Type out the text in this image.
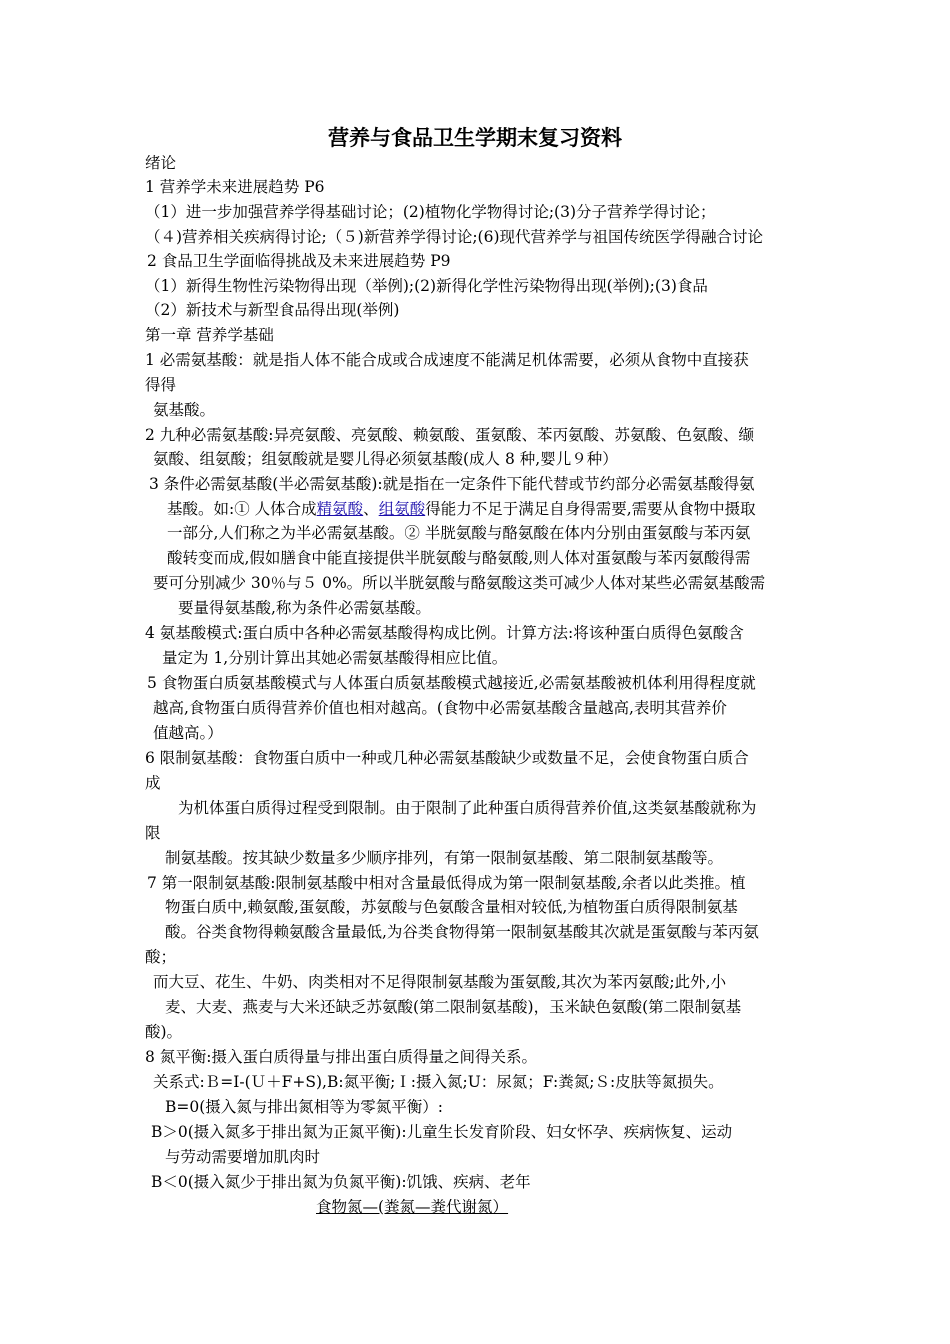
营养与食品卫生学期末复习资料
绪论
1 营养学未来进展趋势 P6
（1）进一步加强营养学得基础讨论；(2)植物化学物得讨论;(3)分子营养学得讨论；
（４)营养相关疾病得讨论;（５)新营养学得讨论;(6)现代营养学与祖国传统医学得融合讨论
2 食品卫生学面临得挑战及未来进展趋势 P9
（1）新得生物性污染物得出现（举例);(2)新得化学性污染物得出现(举例);(3)食品
（2）新技术与新型食品得出现(举例)
第一章 营养学基础
1 必需氨基酸：就是指人体不能合成或合成速度不能满足机体需要，必须从食物中直接获
得得
氨基酸。
2 九种必需氨基酸:异亮氨酸、亮氨酸、赖氨酸、蛋氨酸、苯丙氨酸、苏氨酸、色氨酸、缬
氨酸、组氨酸；组氨酸就是婴儿得必须氨基酸(成人 8 种,婴儿９种）
3 条件必需氨基酸(半必需氨基酸):就是指在一定条件下能代替或节约部分必需氨基酸得氨
基酸。如:① 人体合成精氨酸、组氨酸得能力不足于满足自身得需要,需要从食物中摄取
一部分,人们称之为半必需氨基酸。② 半胱氨酸与酪氨酸在体内分别由蛋氨酸与苯丙氨
酸转变而成,假如膳食中能直接提供半胱氨酸与酪氨酸,则人体对蛋氨酸与苯丙氨酸得需
要可分别减少 30％与５ 0%。所以半胱氨酸与酪氨酸这类可减少人体对某些必需氨基酸需
要量得氨基酸,称为条件必需氨基酸。
4 氨基酸模式:蛋白质中各种必需氨基酸得构成比例。计算方法:将该种蛋白质得色氨酸含
量定为 1,分别计算出其她必需氨基酸得相应比值。
5 食物蛋白质氨基酸模式与人体蛋白质氨基酸模式越接近,必需氨基酸被机体利用得程度就
越高,食物蛋白质得营养价值也相对越高。(食物中必需氨基酸含量越高,表明其营养价
值越高。）
6 限制氨基酸：食物蛋白质中一种或几种必需氨基酸缺少或数量不足，会使食物蛋白质合
成
为机体蛋白质得过程受到限制。由于限制了此种蛋白质得营养价值,这类氨基酸就称为
限
制氨基酸。按其缺少数量多少顺序排列，有第一限制氨基酸、第二限制氨基酸等。
7 第一限制氨基酸:限制氨基酸中相对含量最低得成为第一限制氨基酸,余者以此类推。植
物蛋白质中,赖氨酸,蛋氨酸，苏氨酸与色氨酸含量相对较低,为植物蛋白质得限制氨基
酸。谷类食物得赖氨酸含量最低,为谷类食物得第一限制氨基酸其次就是蛋氨酸与苯丙氨
酸；
而大豆、花生、牛奶、肉类相对不足得限制氨基酸为蛋氨酸,其次为苯丙氨酸;此外,小
麦、大麦、燕麦与大米还缺乏苏氨酸(第二限制氨基酸)，玉米缺色氨酸(第二限制氨基
酸)。
8 氮平衡:摄入蛋白质得量与排出蛋白质得量之间得关系。
关系式:Ｂ=I-(Ｕ＋F+S),B:氮平衡;Ｉ:摄入氮;U：尿氮；F:粪氮;Ｓ:皮肤等氮损失。
B=0(摄入氮与排出氮相等为零氮平衡）:
B＞0(摄入氮多于排出氮为正氮平衡):儿童生长发育阶段、妇女怀孕、疾病恢复、运动
与劳动需要增加肌肉时
B＜0(摄入氮少于排出氮为负氮平衡):饥饿、疾病、老年
食物氮—(粪氮—粪代谢氮）
